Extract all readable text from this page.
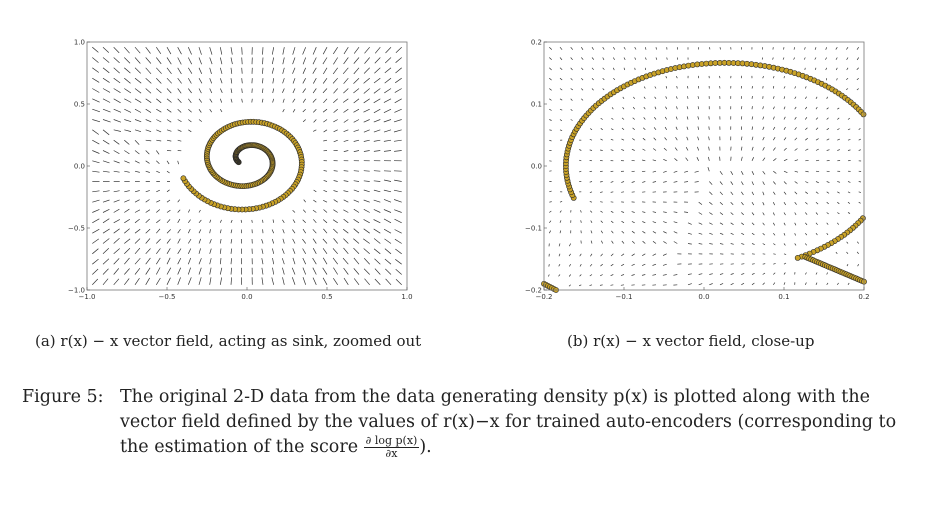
−1.0	−0.5	0.0	0.5	1.0
1.0
0.5
0.0
−0.5
−1.0
−0.2	−0.1	0.0	0.1	0.2
0.2
0.1
0.0
−0.1
−0.2
(a) r(x) − x vector field, acting as sink, zoomed out	(b) r(x) − x vector field, close-up
Figure 5: The original 2-D data from the data generating density p(x) is plotted along with the vector field defined by the values of r(x)−x for trained auto-encoders (corresponding to the estimation of the score $\frac{\text{∂ log p(x)}}{\partial x}$ ).
